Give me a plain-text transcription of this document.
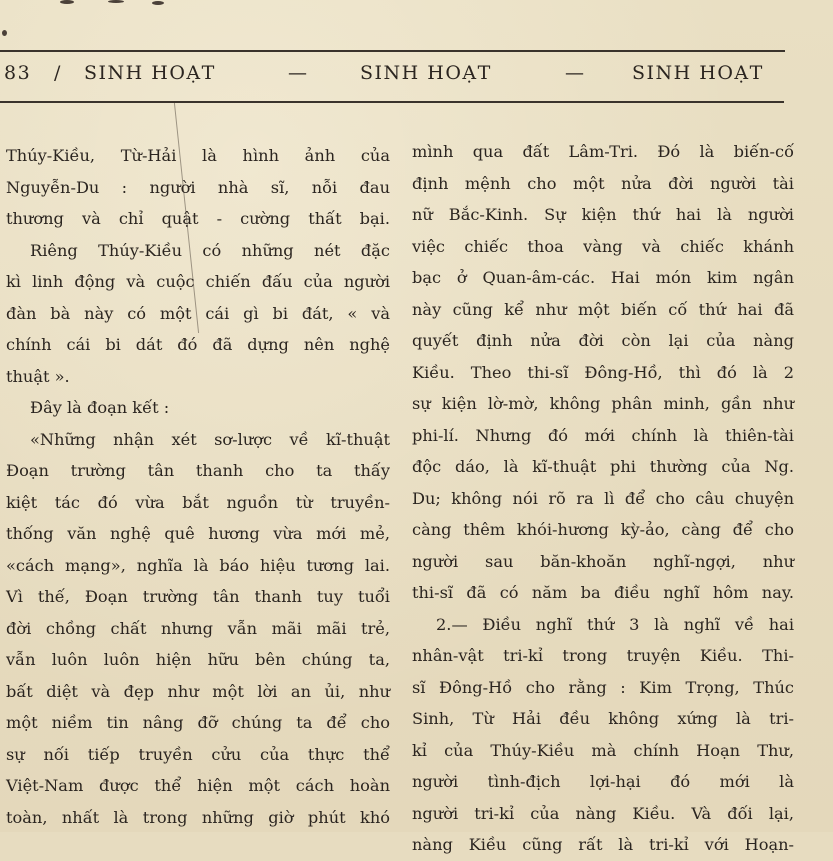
83 / SINH HOẠT	—	SINH HOẠT	— SINH HOẠT
Thúy-Kiều, Từ-Hải là hình ảnh của
Nguyễn-Du : người nhà sĩ, nỗi đau
thương và chỉ quật - cường thất bại.
Riêng Thúy-Kiều có những nét đặc
kì linh động và cuộc chiến đấu của người
đàn bà này có một cái gì bi đát, « và
chính cái bi dát đó đã dựng nên nghệ
thuật ».
Đây là đoạn kết :
«Những nhận xét sơ-lược về kĩ-thuật
Đoạn trường tân thanh cho ta thấy
kiệt tác đó vừa bắt nguồn từ truyền-
thống văn nghệ quê hương vừa mới mẻ,
«cách mạng», nghĩa là báo hiệu tương lai.
Vì thế, Đoạn trường tân thanh tuy tuổi
đời chồng chất nhưng vẫn mãi mãi trẻ,
vẫn luôn luôn hiện hữu bên chúng ta,
bất diệt và đẹp như một lời an ủi, như
một niềm tin nâng đỡ chúng ta để cho
sự nối tiếp truyền cửu của thực thể
Việt-Nam được thể hiện một cách hoàn
toàn, nhất là trong những giờ phút khó
mình qua đất Lâm-Tri. Đó là biến-cố
định mệnh cho một nửa đời người tài
nữ Bắc-Kinh. Sự kiện thứ hai là người
việc chiếc thoa vàng và chiếc khánh
bạc ở Quan-âm-các. Hai món kim ngân
này cũng kể như một biến cố thứ hai đã
quyết định nửa đời còn lại của nàng
Kiều. Theo thi-sĩ Đông-Hồ, thì đó là 2
sự kiện lờ-mờ, không phân minh, gần như
phi-lí. Nhưng đó mới chính là thiên-tài
độc dáo, là kĩ-thuật phi thường của Ng.
Du; không nói rõ ra lì để cho câu chuyện
càng thêm khói-hương kỳ-ảo, càng để cho
người sau băn-khoăn nghĩ-ngợi, như
thi-sĩ đã có năm ba điều nghĩ hôm nay.
2.— Điều nghĩ thứ 3 là nghĩ về hai
nhân-vật tri-kỉ trong truyện Kiều. Thi-
sĩ Đông-Hồ cho rằng : Kim Trọng, Thúc
Sinh, Từ Hải đều không xứng là tri-
kỉ của Thúy-Kiều mà chính Hoạn Thư,
người tình-địch lợi-hại đó mới là
người tri-kỉ của nàng Kiều. Và đối lại,
nàng Kiều cũng rất là tri-kỉ với Hoạn-
